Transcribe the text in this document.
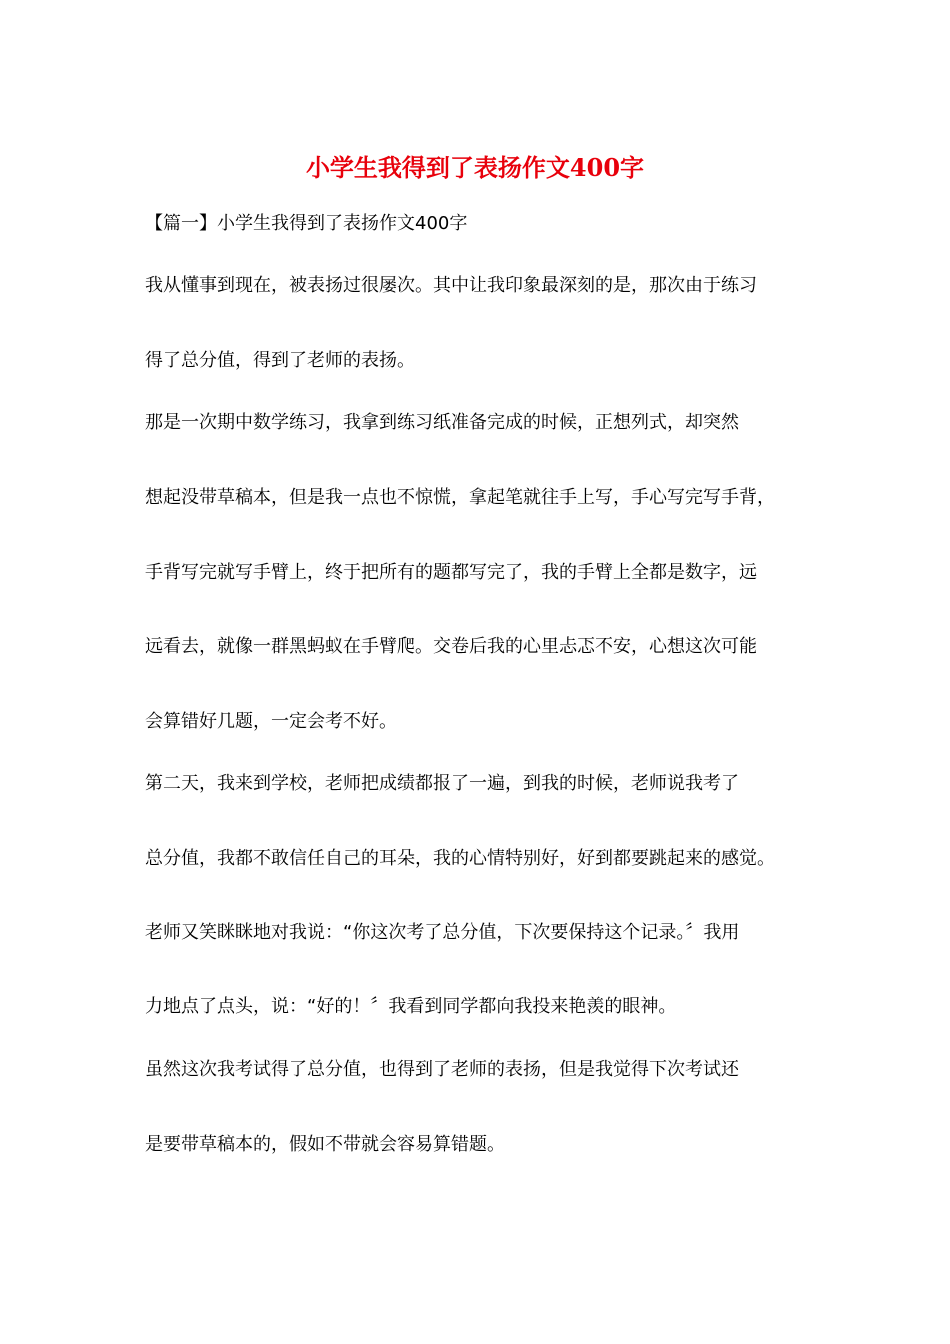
小学生我得到了表扬作文400字
【篇一】小学生我得到了表扬作文400字
我从懂事到现在，被表扬过很屡次。其中让我印象最深刻的是，那次由于练习
得了总分值，得到了老师的表扬。
那是一次期中数学练习，我拿到练习纸准备完成的时候，正想列式，却突然
想起没带草稿本，但是我一点也不惊慌，拿起笔就往手上写，手心写完写手背，
手背写完就写手臂上，终于把所有的题都写完了，我的手臂上全都是数字，远
远看去，就像一群黑蚂蚁在手臂爬。交卷后我的心里忐忑不安，心想这次可能
会算错好几题，一定会考不好。
第二天，我来到学校，老师把成绩都报了一遍，到我的时候，老师说我考了
总分值，我都不敢信任自己的耳朵，我的心情特别好，好到都要跳起来的感觉。
老师又笑眯眯地对我说：“你这次考了总分值，下次要保持这个记录。〞我用
力地点了点头，说：“好的！〞我看到同学都向我投来艳羡的眼神。
虽然这次我考试得了总分值，也得到了老师的表扬，但是我觉得下次考试还
是要带草稿本的，假如不带就会容易算错题。
